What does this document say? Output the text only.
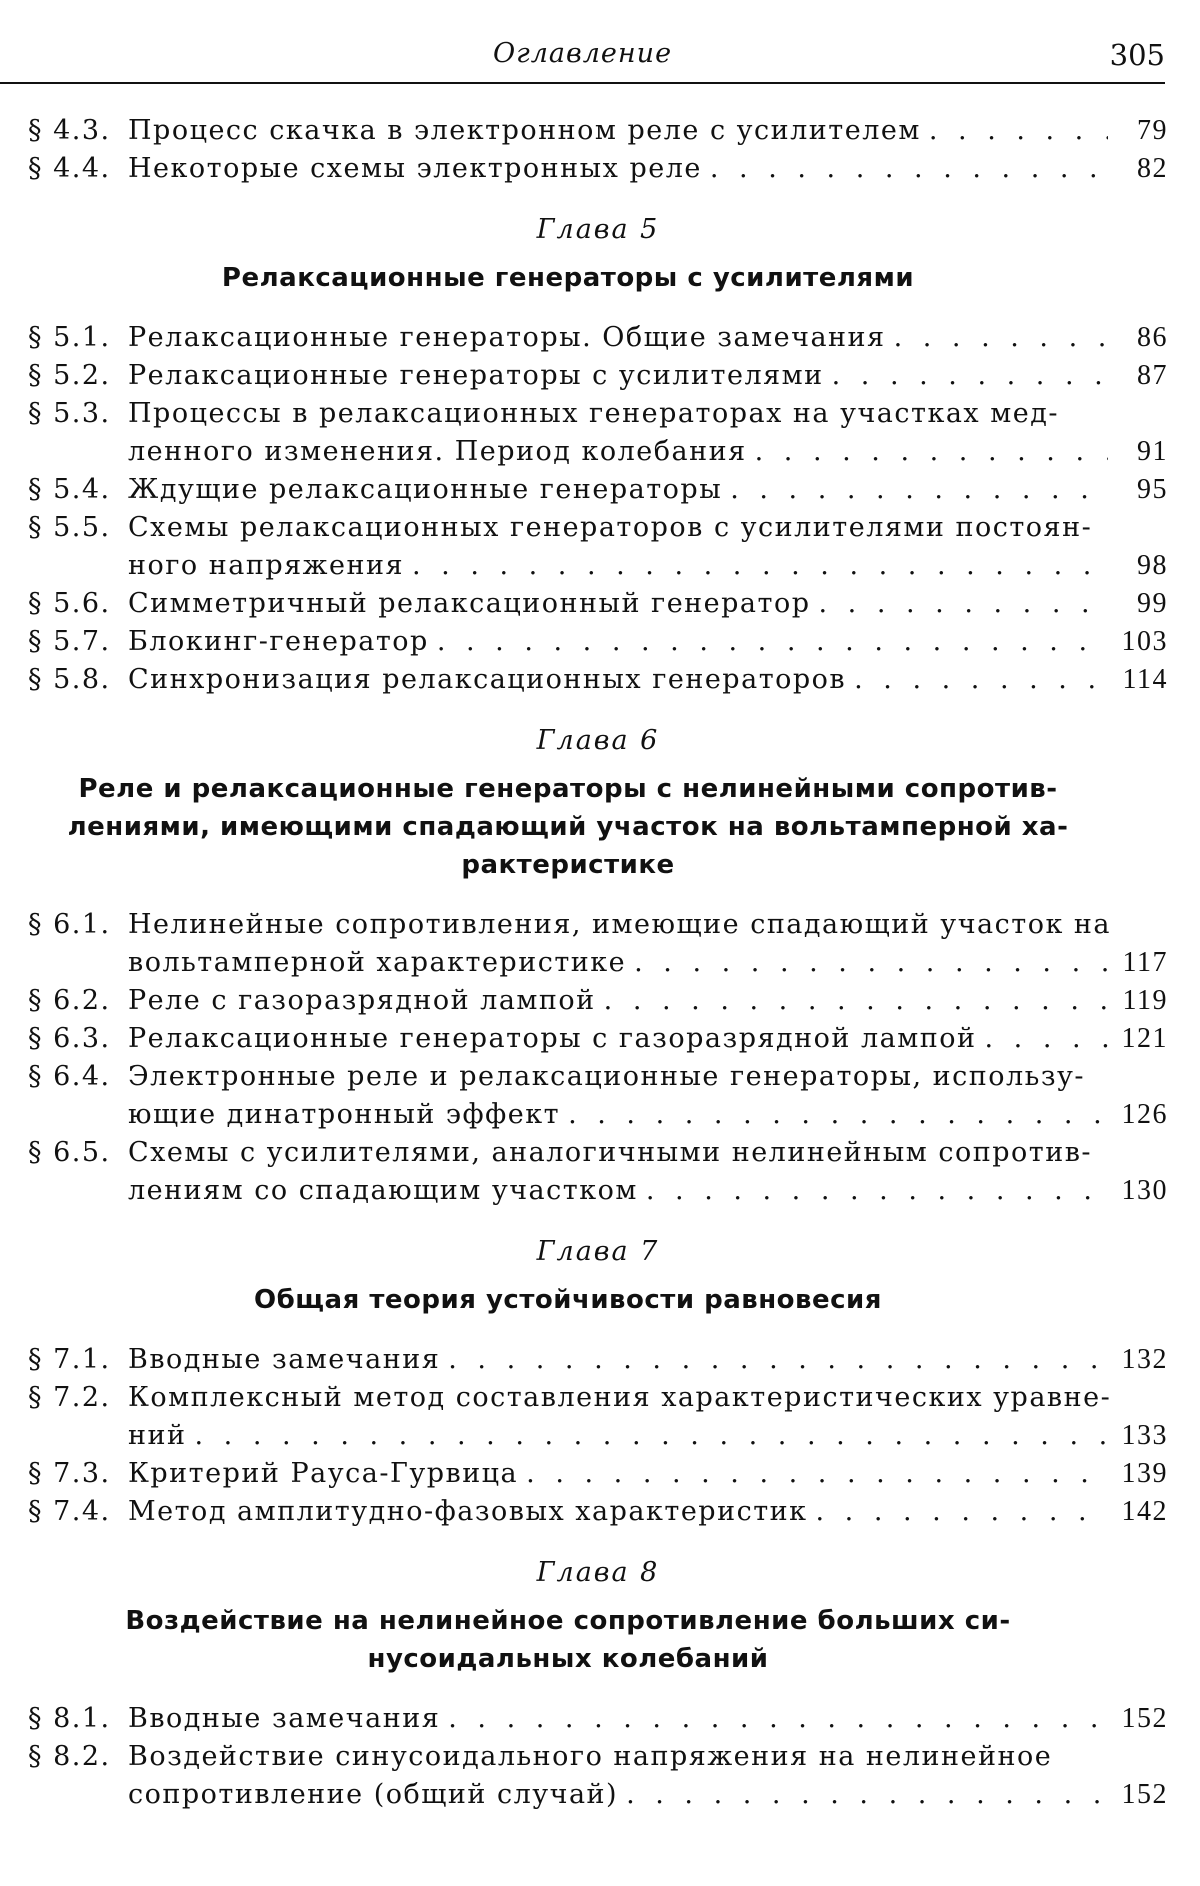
Оглавление	305
§ 4.3. Процесс скачка в электронном реле с усилителем . . .	79
§ 4.4. Некоторые схемы электронных реле . . .	82
Глава 5
Релаксационные генераторы с усилителями
§ 5.1. Релаксационные генераторы. Общие замечания . . .	86
§ 5.2. Релаксационные генераторы с усилителями . . .	87
§ 5.3. Процессы в релаксационных генераторах на участках мед-
ленного изменения. Период колебания . . .	91
§ 5.4. Ждущие релаксационные генераторы . . .	95
§ 5.5. Схемы релаксационных генераторов с усилителями постоян-
ного напряжения . . .	98
§ 5.6. Симметричный релаксационный генератор . . .	99
§ 5.7. Блокинг-генератор . . .	103
§ 5.8. Синхронизация релаксационных генераторов . . .	114
Глава 6
Реле и релаксационные генераторы с нелинейными сопротив-
лениями, имеющими спадающий участок на вольтамперной ха-
рактеристике
§ 6.1. Нелинейные сопротивления, имеющие спадающий участок на
вольтамперной характеристике . . .	117
§ 6.2. Реле с газоразрядной лампой . . .	119
§ 6.3. Релаксационные генераторы с газоразрядной лампой . . .	121
§ 6.4. Электронные реле и релаксационные генераторы, использу-
ющие динатронный эффект . . .	126
§ 6.5. Схемы с усилителями, аналогичными нелинейным сопротив-
лениям со спадающим участком . . .	130
Глава 7
Общая теория устойчивости равновесия
§ 7.1. Вводные замечания . . .	132
§ 7.2. Комплексный метод составления характеристических уравне-
ний . . .	133
§ 7.3. Критерий Рауса-Гурвица . . .	139
§ 7.4. Метод амплитудно-фазовых характеристик . . .	142
Глава 8
Воздействие на нелинейное сопротивление больших си-
нусоидальных колебаний
§ 8.1. Вводные замечания . . .	152
§ 8.2. Воздействие синусоидального напряжения на нелинейное
сопротивление (общий случай) . . .	152
